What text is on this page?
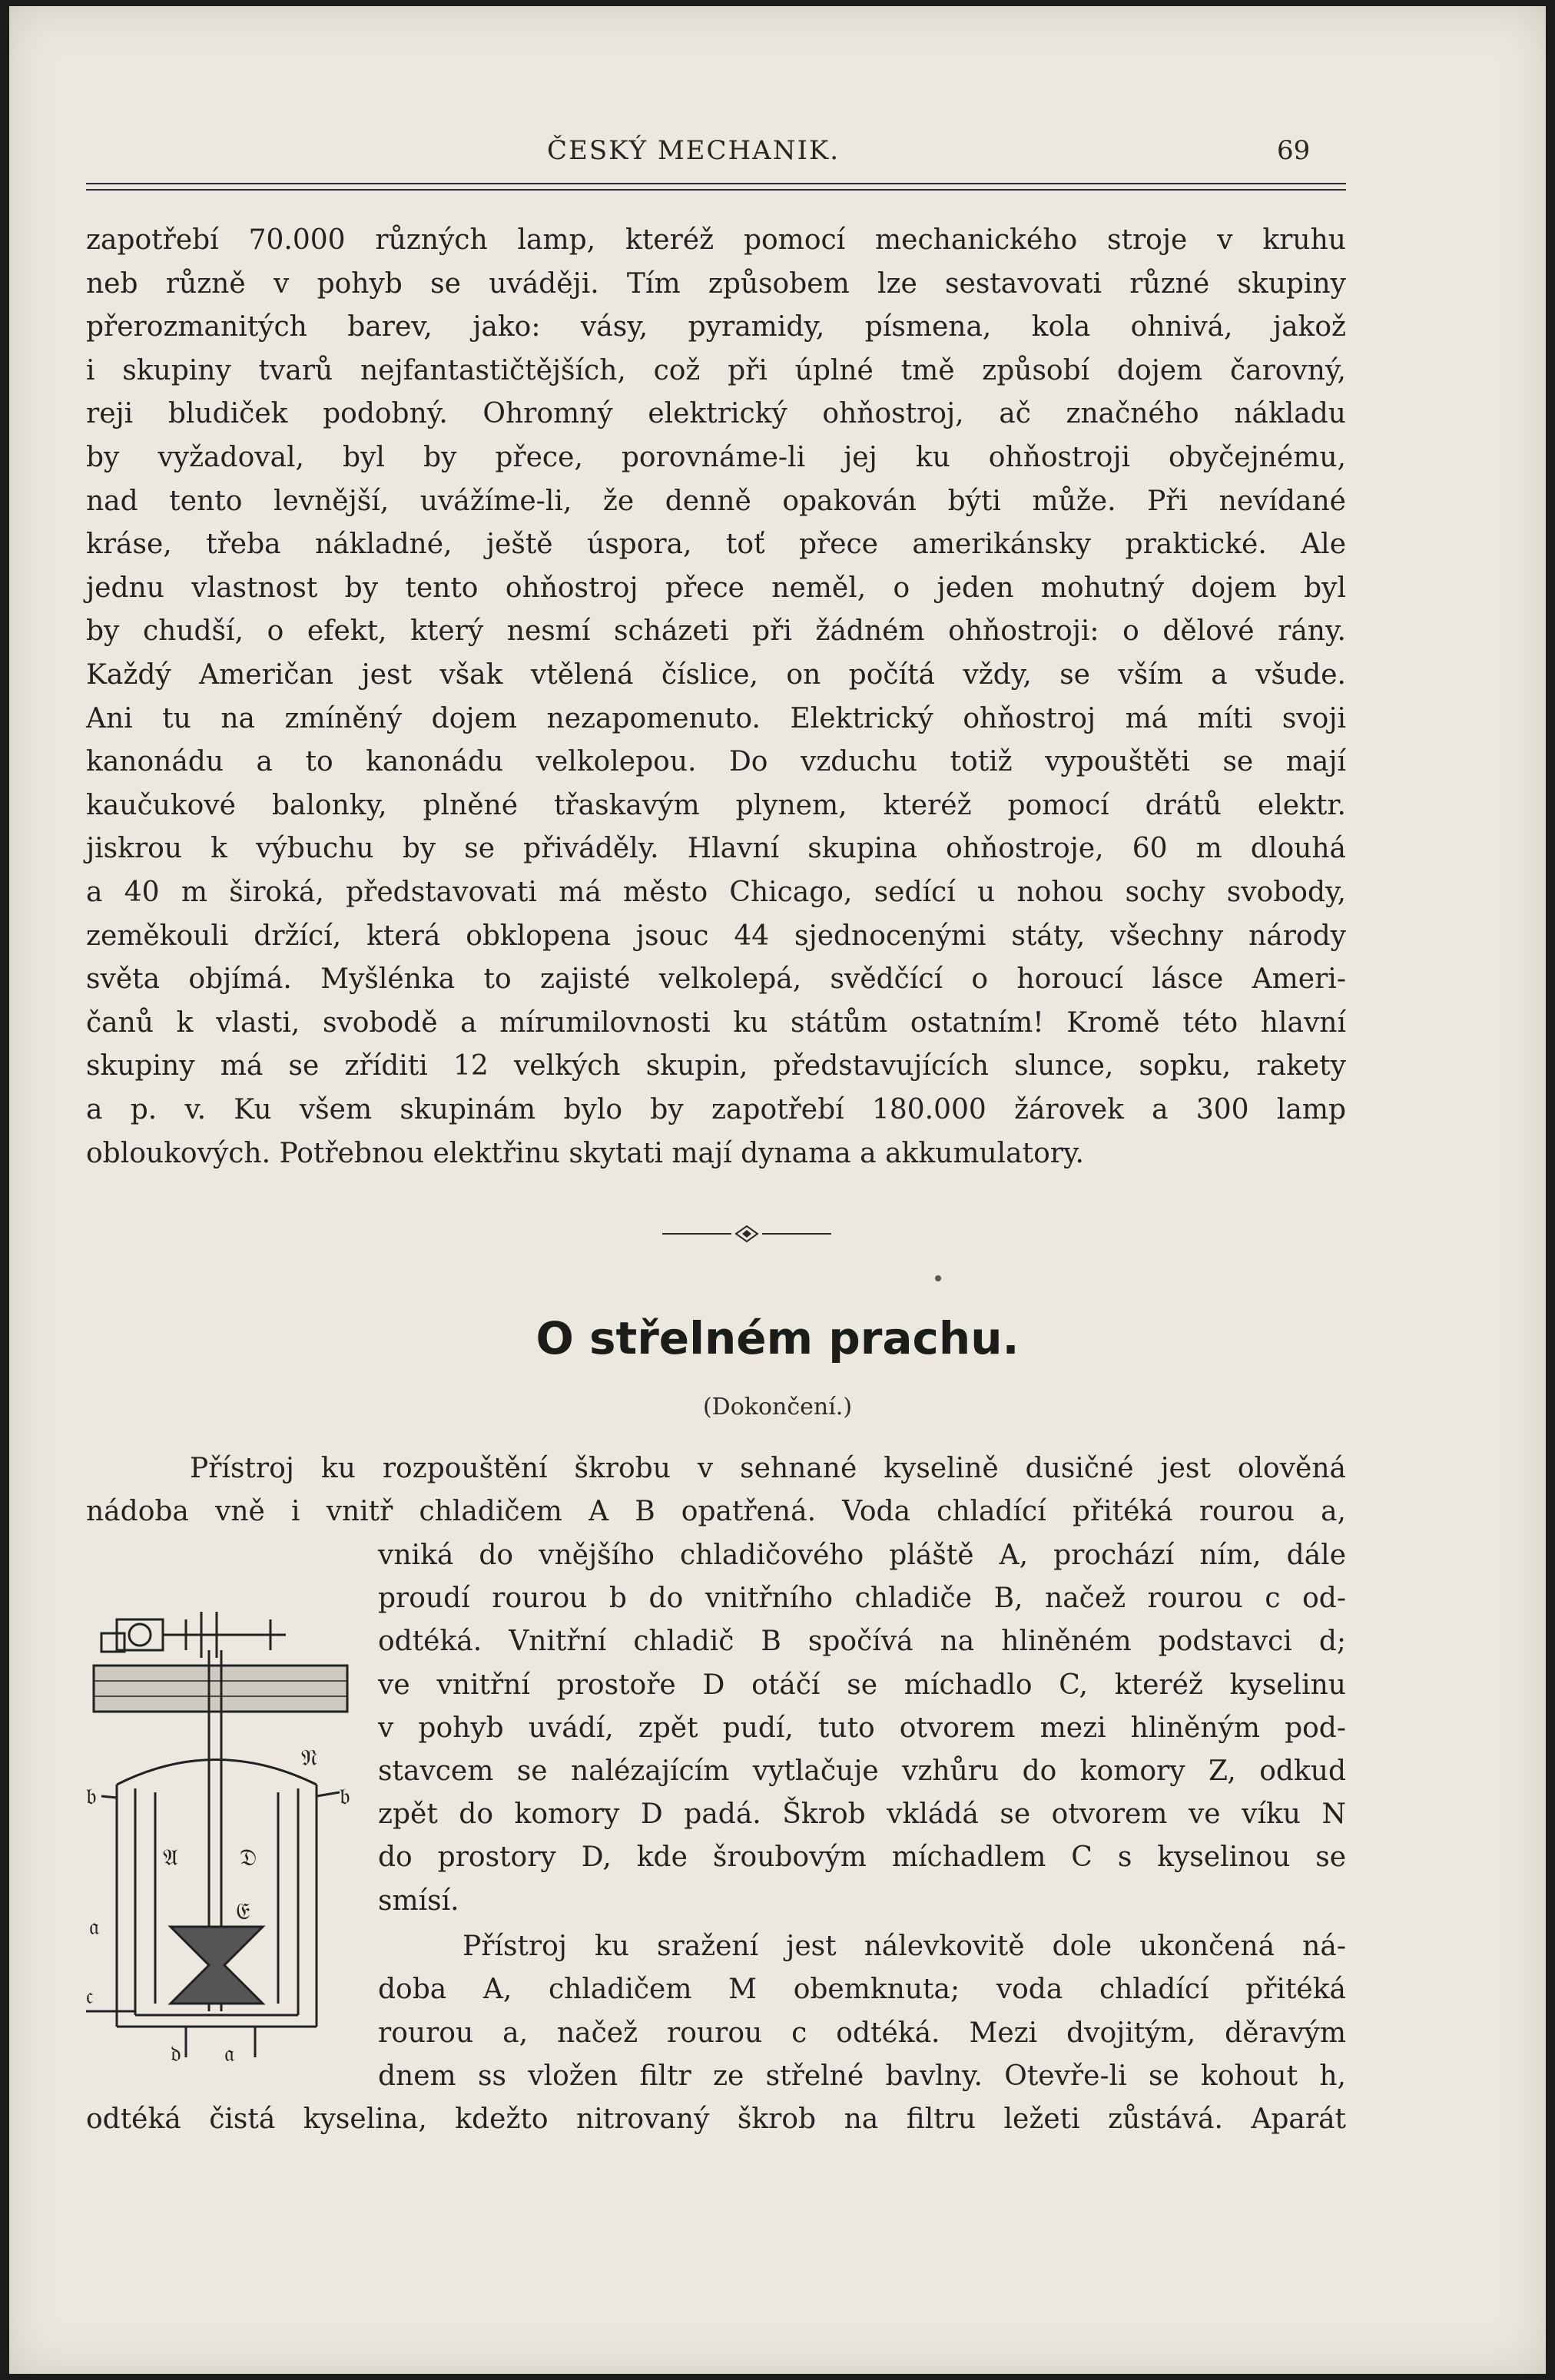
ČESKÝ MECHANIK.	69
zapotřebí 70.000 různých lamp, kteréž pomocí mechanického stroje v kruhu
neb různě v pohyb se uváději. Tím způsobem lze sestavovati různé skupiny
přerozmanitých barev, jako: vásy, pyramidy, písmena, kola ohnivá, jakož
i skupiny tvarů nejfantastičtějších, což při úplné tmě způsobí dojem čarovný,
reji bludiček podobný. Ohromný elektrický ohňostroj, ač značného nákladu
by vyžadoval, byl by přece, porovnáme-li jej ku ohňostroji obyčejnému,
nad tento levnější, uvážíme-li, že denně opakován býti může. Při nevídané
kráse, třeba nákladné, ještě úspora, toť přece amerikánsky praktické. Ale
jednu vlastnost by tento ohňostroj přece neměl, o jeden mohutný dojem byl
by chudší, o efekt, který nesmí scházeti při žádném ohňostroji: o dělové rány.
Každý Američan jest však vtělená číslice, on počítá vždy, se vším a všude.
Ani tu na zmíněný dojem nezapomenuto. Elektrický ohňostroj má míti svoji
kanonádu a to kanonádu velkolepou. Do vzduchu totiž vypouštěti se mají
kaučukové balonky, plněné třaskavým plynem, kteréž pomocí drátů elektr.
jiskrou k výbuchu by se přiváděly. Hlavní skupina ohňostroje, 60 m dlouhá
a 40 m široká, představovati má město Chicago, sedící u nohou sochy svobody,
zeměkouli držící, která obklopena jsouc 44 sjednocenými státy, všechny národy
světa objímá. Myšlénka to zajisté velkolepá, svědčící o horoucí lásce Ameri-
čanů k vlasti, svobodě a mírumilovnosti ku státům ostatním! Kromě této hlavní
skupiny má se zříditi 12 velkých skupin, představujících slunce, sopku, rakety
a p. v. Ku všem skupinám bylo by zapotřebí 180.000 žárovek a 300 lamp
obloukových. Potřebnou elektřinu skytati mají dynama a akkumulatory.
O střelném prachu.
(Dokončení.)
Přístroj ku rozpouštění škrobu v sehnané kyselině dusičné jest olověná
nádoba vně i vnitř chladičem A B opatřená. Voda chladící přitéká rourou a,
vniká do vnějšího chladičového pláště A, prochází ním, dále
proudí rourou b do vnitřního chladiče B, načež rourou c od-
odtéká. Vnitřní chladič B spočívá na hliněném podstavci d;
ve vnitřní prostoře D otáčí se míchadlo C, kteréž kyselinu
v pohyb uvádí, zpět pudí, tuto otvorem mezi hliněným pod-
stavcem se nalézajícím vytlačuje vzhůru do komory Z, odkud
zpět do komory D padá. Škrob vkládá se otvorem ve víku N
do prostory D, kde šroubovým míchadlem C s kyselinou se
smísí.
Přístroj ku sražení jest nálevkovitě dole ukončená ná-
doba A, chladičem M obemknuta; voda chladící přitéká
rourou a, načež rourou c odtéká. Mezi dvojitým, děravým
dnem ss vložen filtr ze střelné bavlny. Otevře-li se kohout h,
odtéká čistá kyselina, kdežto nitrovaný škrob na filtru ležeti zůstává. Aparát
𝔑
𝔟	𝔟
𝔄	𝔇
𝔞
𝔈
𝔠
𝔡 𝔞
